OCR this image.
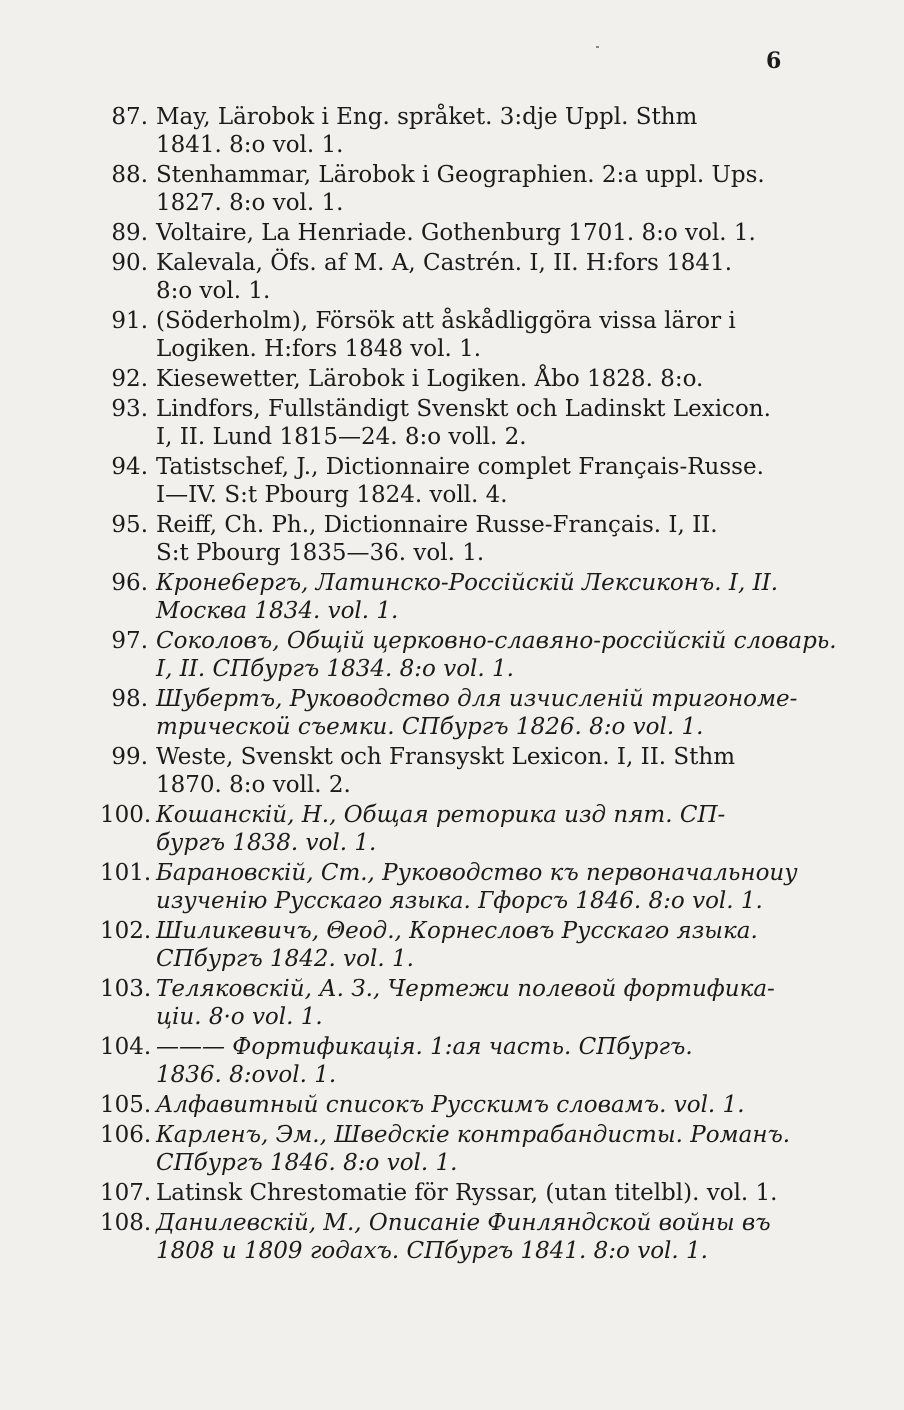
6
87. May, Lärobok i Eng. språket. 3:dje Uppl. Sthm
1841. 8:o vol. 1.
88. Stenhammar, Lärobok i Geographien. 2:a uppl. Ups.
1827. 8:o vol. 1.
89. Voltaire, La Henriade. Gothenburg 1701. 8:o vol. 1.
90. Kalevala, Öfs. af M. A, Castrén. I, II. H:fors 1841.
8:o vol. 1.
91. (Söderholm), Försök att åskådliggöra vissa läror i
Logiken. H:fors 1848 vol. 1.
92. Kiesewetter, Lärobok i Logiken. Åbo 1828. 8:o.
93. Lindfors, Fullständigt Svenskt och Ladinskt Lexicon.
I, II. Lund 1815—24. 8:o voll. 2.
94. Tatistschef, J., Dictionnaire complet Français-Russe.
I—IV. S:t Pbourg 1824. voll. 4.
95. Reiff, Ch. Ph., Dictionnaire Russe-Français. I, II.
S:t Pbourg 1835—36. vol. 1.
96. Кроне6ергъ, Латинско-Россiйскiй Лексиконъ. I, II.
Москва 1834. vol. 1.
97. Соколовъ, Общiй церковно-славяно-россiйскiй словарь.
I, II. СПбургъ 1834. 8:o vol. 1.
98. Шубертъ, Руководство для изчисленiй тригономе-
трическоü съемки. СПбургъ 1826. 8:o vol. 1.
99. Weste, Svenskt och Fransyskt Lexicon. I, II. Sthm
1870. 8:o voll. 2.
100. Кошанскiй, Н., Общая реторика изд пят. СП-
бургъ 1838. vol. 1.
101. Барановскiй, Ст., Руководство къ первоначальноиу
изученiю Русскаго языка. Гфорсъ 1846. 8:o vol. 1.
102. Шиликевичъ, Θеод., Корнесловъ Русскаго языка.
СПбургъ 1842. vol. 1.
103. Теляковскiй, А. З., Чертежи полевой фортификa-
цiи. 8·o vol. 1.
104. ——— Фортификацiя. 1:ая часть. СПбургъ.
1836. 8:ovol. 1.
105. Алфавитный списокъ Русскимъ словамъ. vol. 1.
106. Карленъ, Эм., Шведскiе контрабандисты. Романъ.
СПбургъ 1846. 8:o vol. 1.
107. Latinsk Chrestomatie för Ryssar, (utan titelbl). vol. 1.
108. Данилевскiй, М., Описанiе Финляндской войны въ
1808 и 1809 годахъ. СПбургъ 1841. 8:o vol. 1.
